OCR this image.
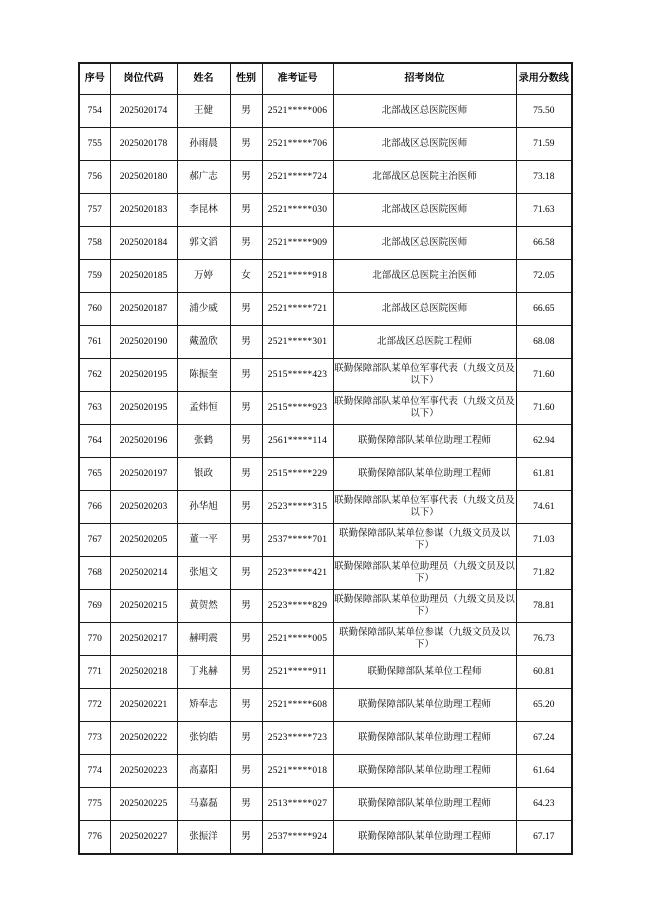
序号	岗位代码	姓名	性别	准考证号	招考岗位	录用分数线
754	2025020174	王健	男	2521*****006	北部战区总医院医师	75.50
755	2025020178	孙雨晨	男	2521*****706	北部战区总医院医师	71.59
756	2025020180	郝广志	男	2521*****724	北部战区总医院主治医师	73.18
757	2025020183	李昆林	男	2521*****030	北部战区总医院医师	71.63
758	2025020184	郭文滔	男	2521*****909	北部战区总医院医师	66.58
759	2025020185	万婷	女	2521*****918	北部战区总医院主治医师	72.05
760	2025020187	浦少威	男	2521*****721	北部战区总医院医师	66.65
761	2025020190	戴盈欣	男	2521*****301	北部战区总医院工程师	68.08
762	2025020195	陈振奎	男	2515*****423	联勤保障部队某单位军事代表（九级文员及以下）	71.60
763	2025020195	孟炜恒	男	2515*****923	联勤保障部队某单位军事代表（九级文员及以下）	71.60
764	2025020196	张鹤	男	2561*****114	联勤保障部队某单位助理工程师	62.94
765	2025020197	银政	男	2515*****229	联勤保障部队某单位助理工程师	61.81
766	2025020203	孙华旭	男	2523*****315	联勤保障部队某单位军事代表（九级文员及以下）	74.61
767	2025020205	董一平	男	2537*****701	联勤保障部队某单位参谋（九级文员及以下）	71.03
768	2025020214	张旭文	男	2523*****421	联勤保障部队某单位助理员（九级文员及以下）	71.82
769	2025020215	黄贺然	男	2523*****829	联勤保障部队某单位助理员（九级文员及以下）	78.81
770	2025020217	赫明震	男	2521*****005	联勤保障部队某单位参谋（九级文员及以下）	76.73
771	2025020218	丁兆赫	男	2521*****911	联勤保障部队某单位工程师	60.81
772	2025020221	矫奉志	男	2521*****608	联勤保障部队某单位助理工程师	65.20
773	2025020222	张钧皓	男	2523*****723	联勤保障部队某单位助理工程师	67.24
774	2025020223	高嘉阳	男	2521*****018	联勤保障部队某单位助理工程师	61.64
775	2025020225	马嘉磊	男	2513*****027	联勤保障部队某单位助理工程师	64.23
776	2025020227	张振洋	男	2537*****924	联勤保障部队某单位助理工程师	67.17
